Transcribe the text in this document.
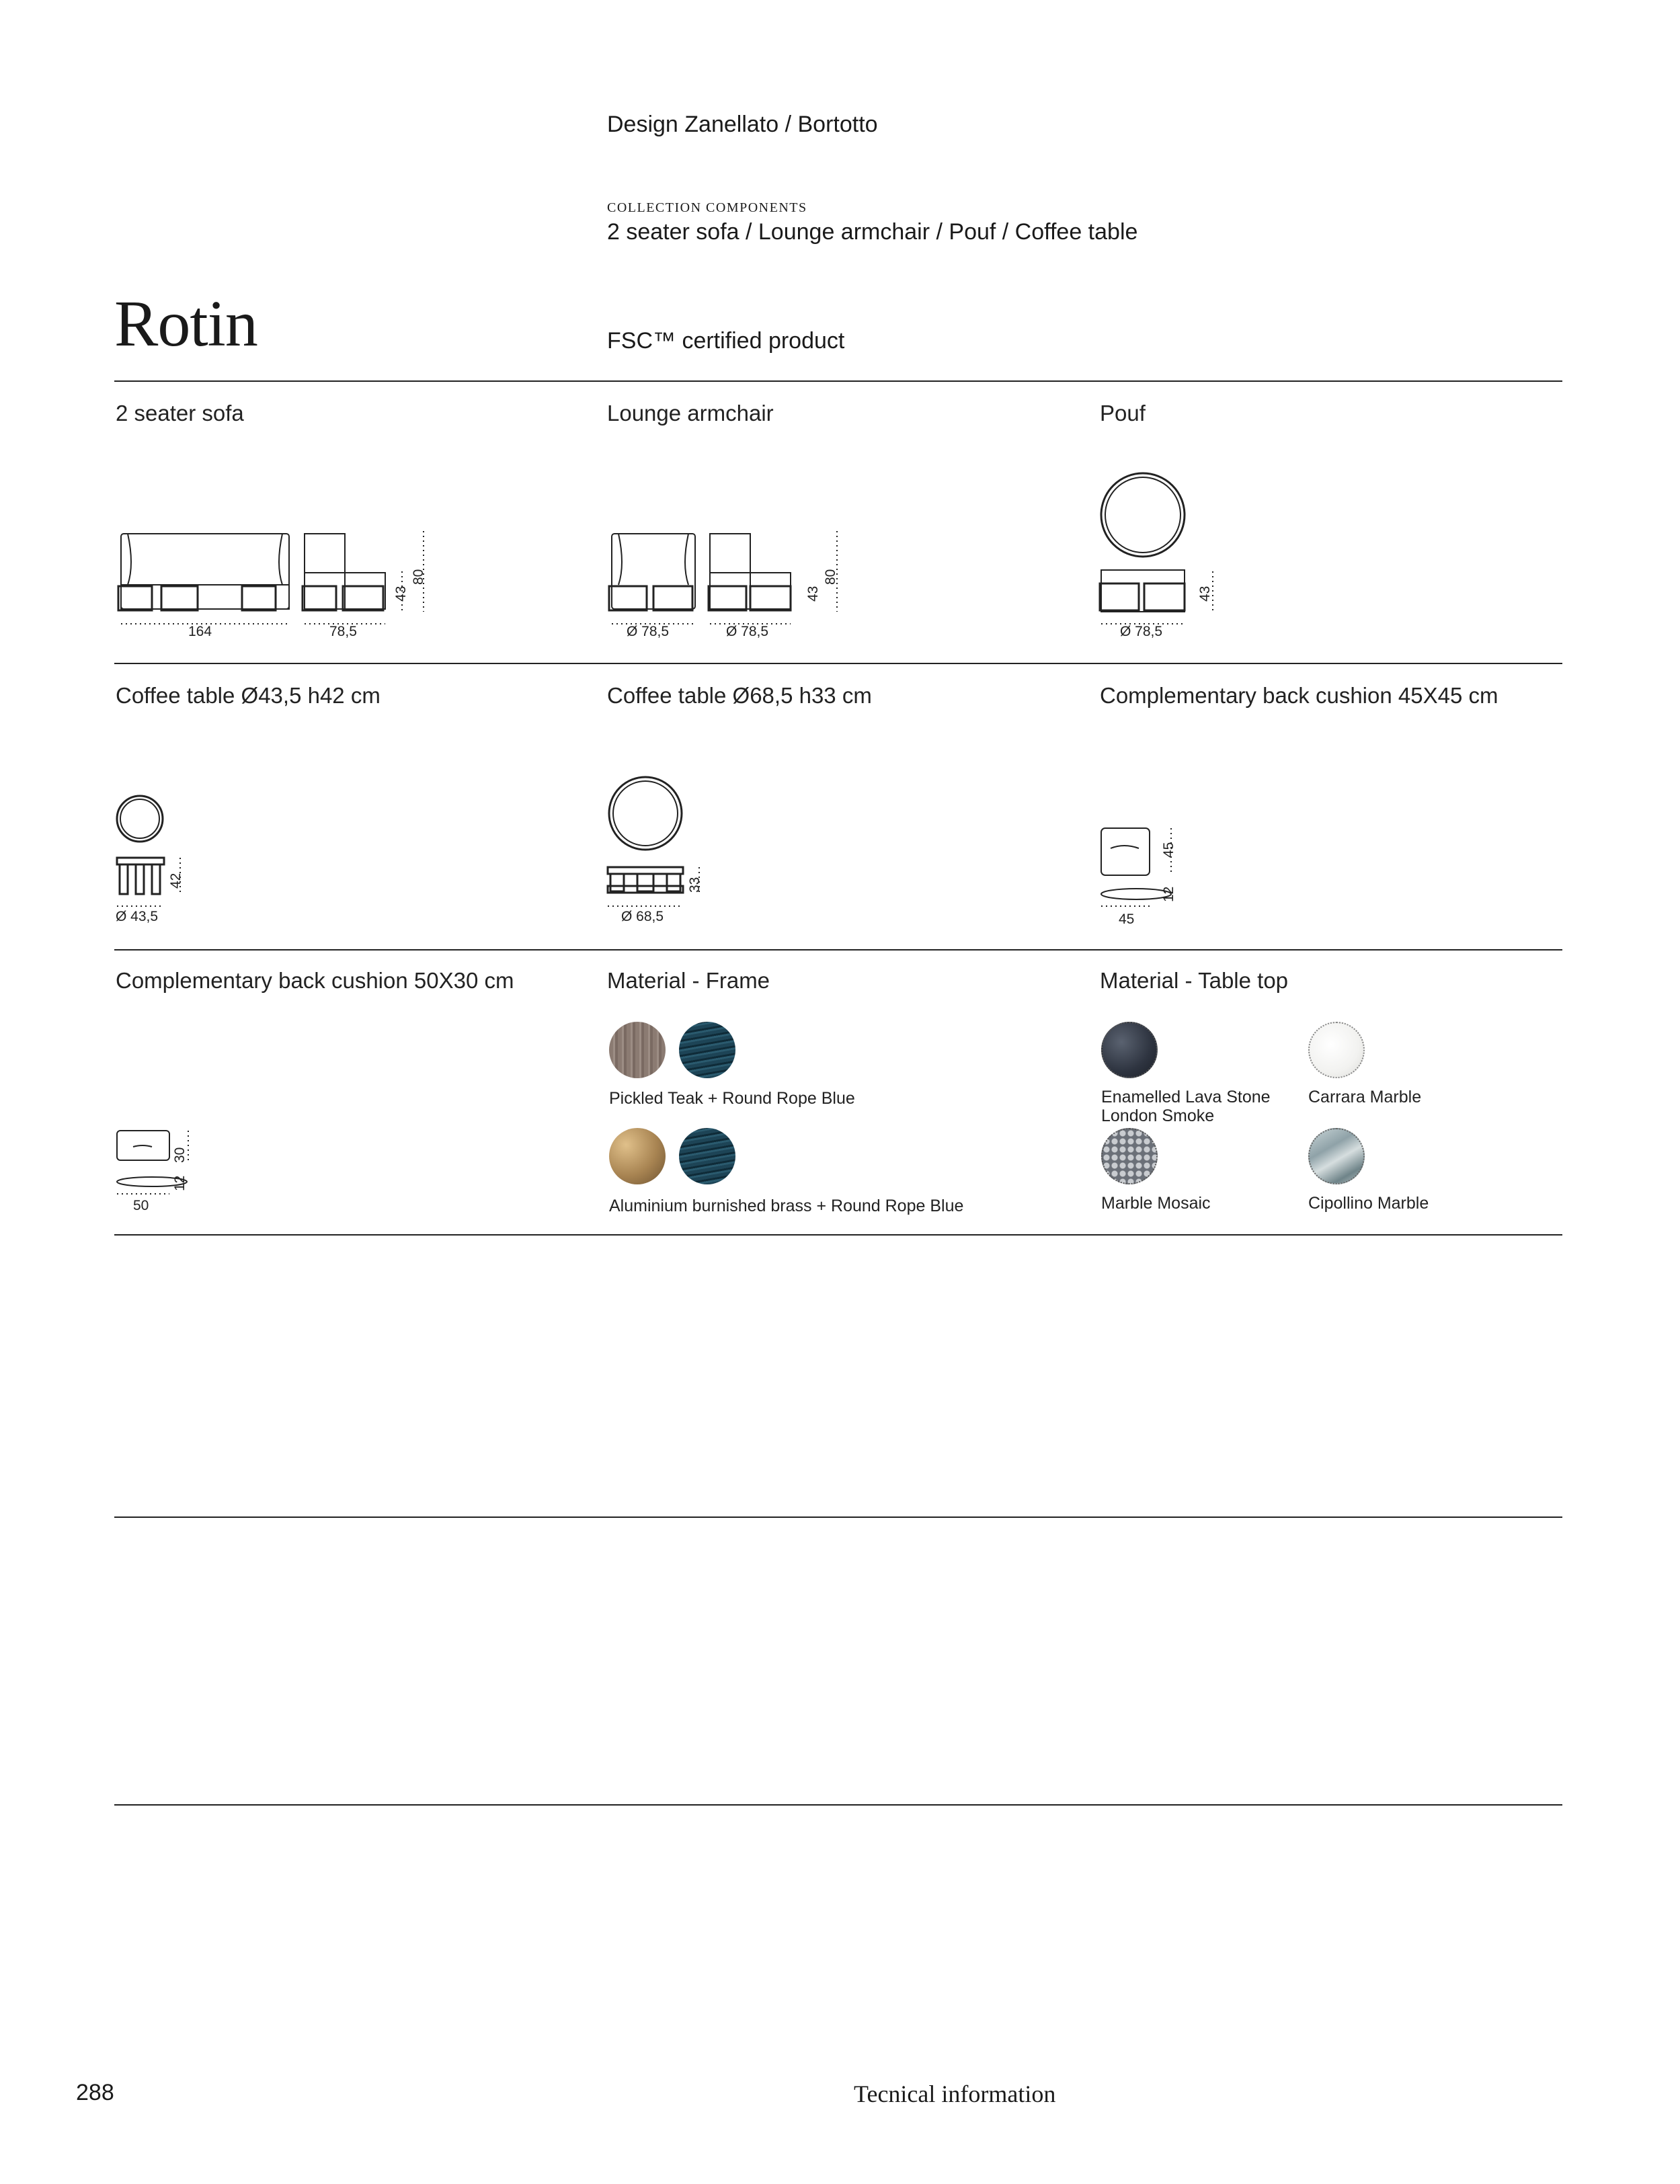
Design Zanellato / Bortotto
COLLECTION COMPONENTS
2 seater sofa / Lounge armchair / Pouf / Coffee table
Rotin	FSC™ certified product
2 seater sofa
164	78,5
43
80
Lounge armchair
Ø 78,5	Ø 78,5
43
80
Pouf
Ø 78,5
43
Coffee table Ø43,5 h42 cm
Ø 43,5
42
Coffee table Ø68,5 h33 cm
Ø 68,5
33
Complementary back cushion 45X45 cm
45
45
12
Complementary back cushion 50X30 cm
50
30
12
Material - Frame
Pickled Teak + Round Rope Blue
Aluminium burnished brass + Round Rope Blue
Material - Table top
Enamelled Lava Stone
London Smoke
Carrara Marble
Marble Mosaic	Cipollino Marble
288	Tecnical information
